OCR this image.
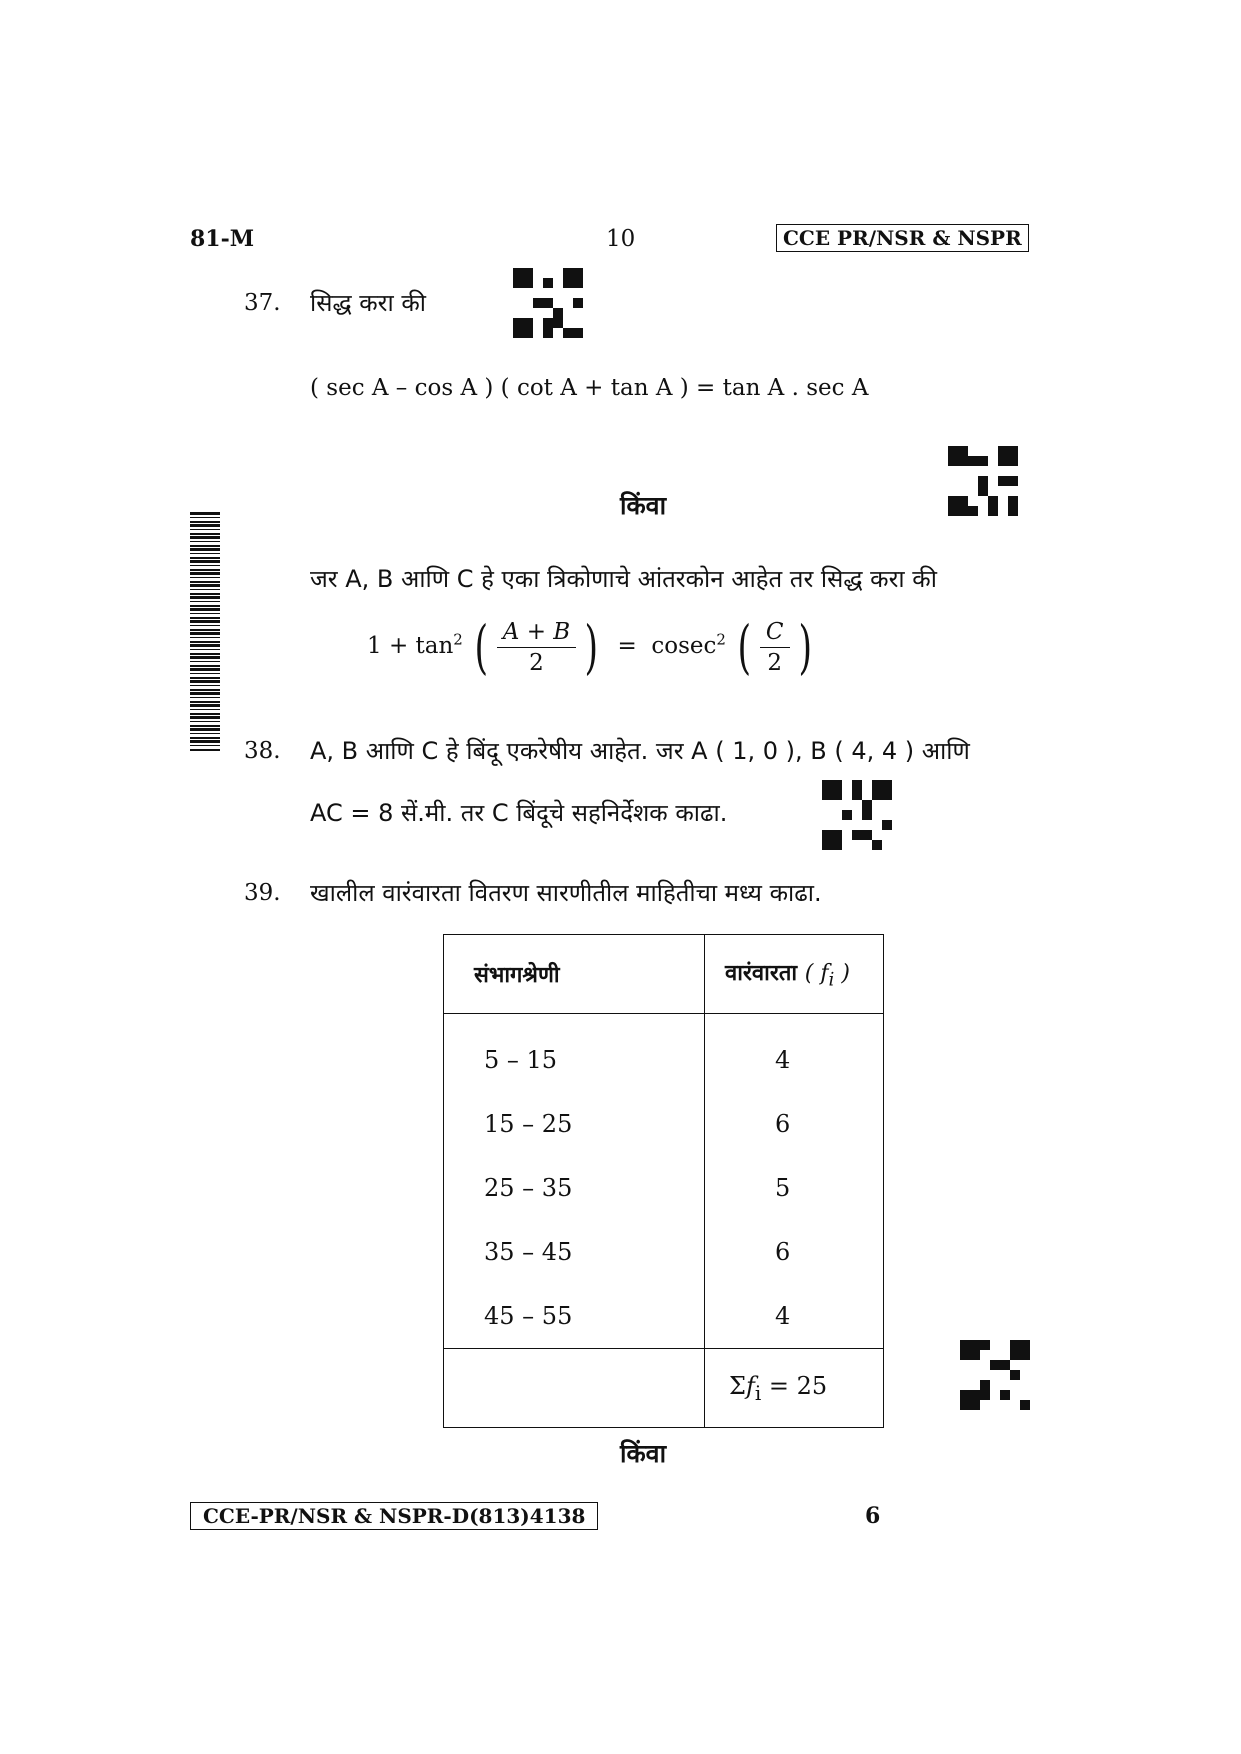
81-M	10	CCE PR/NSR & NSPR
37. सिद्ध करा की
( sec A – cos A ) ( cot A + tan A ) = tan A . sec A
किंवा
जर A, B आणि C हे एका त्रिकोणाचे आंतरकोन आहेत तर सिद्ध करा की
$1 + \tan^2$ ( $\frac{A + B}{2}$ ) = cosec$^2$ ( $\frac{C}{2}$ )
38. A, B आणि C हे बिंदू एकरेषीय आहेत. जर A ( 1, 0 ), B ( 4, 4 ) आणि
AC = 8 सें.मी. तर C बिंदूचे सहनिर्देशक काढा.
39. खालील वारंवारता वितरण सारणीतील माहितीचा मध्य काढा.
संभागश्रेणी	वारंवारता ( $f_i$ )
5 – 15	4
15 – 25	6
25 – 35	5
35 – 45	6
45 – 55	4
	$\Sigma f_i = 25$
किंवा
CCE-PR/NSR & NSPR-D(813)4138	6
